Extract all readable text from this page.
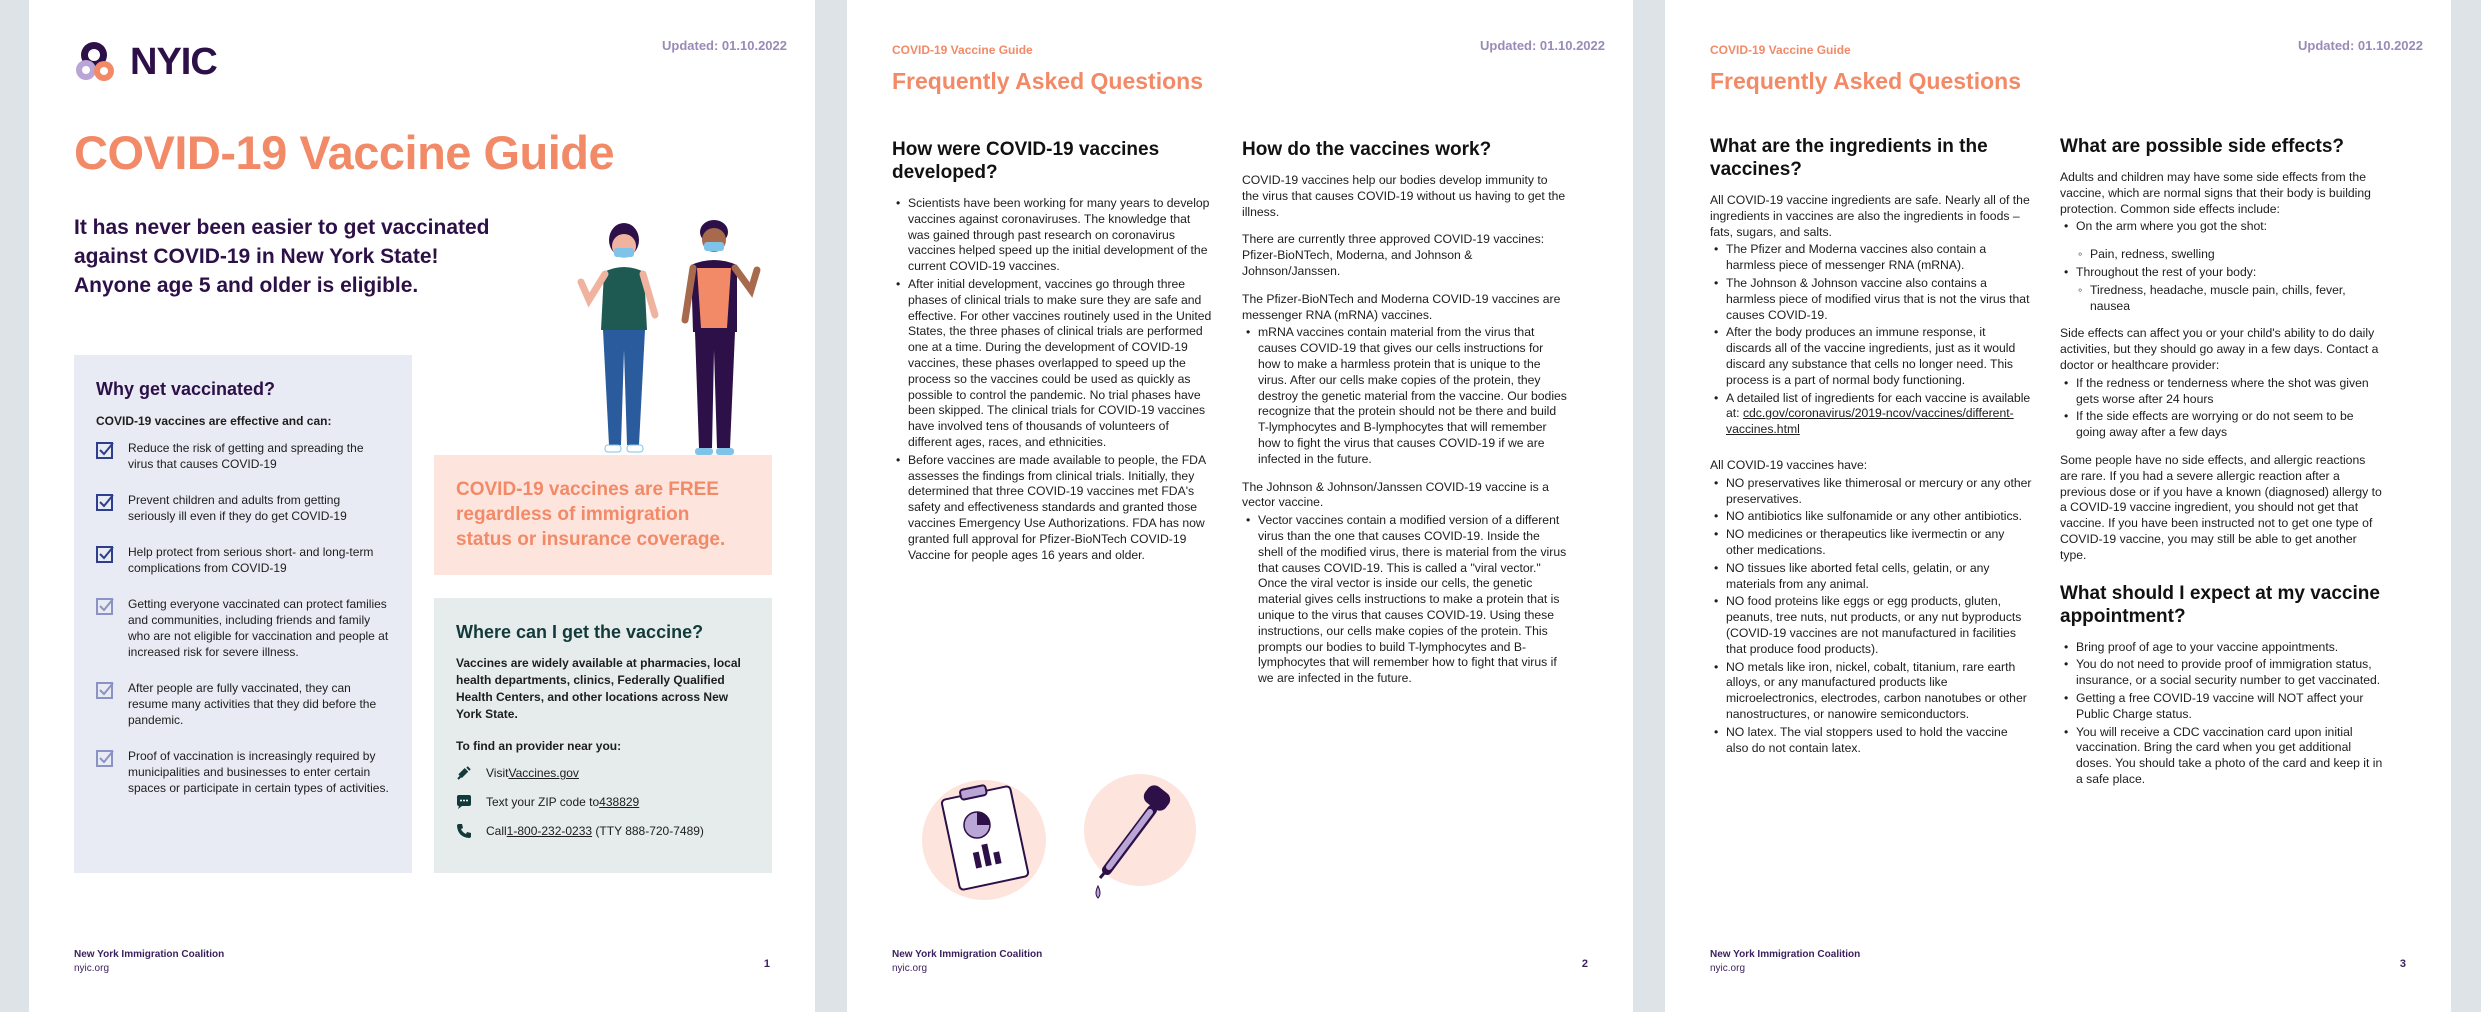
NYIC	Updated: 01.10.2022
COVID-19 Vaccine Guide
It has never been easier to get vaccinated
against COVID-19 in New York State!
Anyone age 5 and older is eligible.
Why get vaccinated?
COVID-19 vaccines are effective and can:
Reduce the risk of getting and spreading the virus that causes COVID-19
Prevent children and adults from getting seriously ill even if they do get COVID-19
Help protect from serious short- and long-term complications from COVID-19
Getting everyone vaccinated can protect families and communities, including friends and family who are not eligible for vaccination and people at increased risk for severe illness.
After people are fully vaccinated, they can resume many activities that they did before the pandemic.
Proof of vaccination is increasingly required by municipalities and businesses to enter certain spaces or participate in certain types of activities.
COVID-19 vaccines are FREE regardless of immigration status or insurance coverage.
Where can I get the vaccine?
Vaccines are widely available at pharmacies, local health departments, clinics, Federally Qualified Health Centers, and other locations across New York State.
To find an provider near you:
Visit Vaccines.gov
Text your ZIP code to 438829
Call 1-800-232-0233 (TTY 888-720-7489)
New York Immigration Coalition
nyic.org	1
COVID-19 Vaccine Guide	Updated: 01.10.2022
Frequently Asked Questions
How were COVID-19 vaccines developed?
• Scientists have been working for many years to develop vaccines against coronaviruses. The knowledge that was gained through past research on coronavirus vaccines helped speed up the initial development of the current COVID-19 vaccines.
• After initial development, vaccines go through three phases of clinical trials to make sure they are safe and effective. For other vaccines routinely used in the United States, the three phases of clinical trials are performed one at a time. During the development of COVID-19 vaccines, these phases overlapped to speed up the process so the vaccines could be used as quickly as possible to control the pandemic. No trial phases have been skipped. The clinical trials for COVID-19 vaccines have involved tens of thousands of volunteers of different ages, races, and ethnicities.
• Before vaccines are made available to people, the FDA assesses the findings from clinical trials. Initially, they determined that three COVID-19 vaccines met FDA's safety and effectiveness standards and granted those vaccines Emergency Use Authorizations. FDA has now granted full approval for Pfizer-BioNTech COVID-19 Vaccine for people ages 16 years and older.
How do the vaccines work?

COVID-19 vaccines help our bodies develop immunity to the virus that causes COVID-19 without us having to get the illness.

There are currently three approved COVID-19 vaccines: Pfizer-BioNTech, Moderna, and Johnson & Johnson/Janssen.

The Pfizer-BioNTech and Moderna COVID-19 vaccines are messenger RNA (mRNA) vaccines.

• mRNA vaccines contain material from the virus that causes COVID-19 that gives our cells instructions for how to make a harmless protein that is unique to the virus. After our cells make copies of the protein, they destroy the genetic material from the vaccine. Our bodies recognize that the protein should not be there and build T-lymphocytes and B-lymphocytes that will remember how to fight the virus that causes COVID-19 if we are infected in the future.

The Johnson & Johnson/Janssen COVID-19 vaccine is a vector vaccine.

• Vector vaccines contain a modified version of a different virus than the one that causes COVID-19. Inside the shell of the modified virus, there is material from the virus that causes COVID-19. This is called a "viral vector." Once the viral vector is inside our cells, the genetic material gives cells instructions to make a protein that is unique to the virus that causes COVID-19. Using these instructions, our cells make copies of the protein. This prompts our bodies to build T-lymphocytes and B-lymphocytes that will remember how to fight that virus if we are infected in the future.
New York Immigration Coalition
nyic.org	2
COVID-19 Vaccine Guide	Updated: 01.10.2022
Frequently Asked Questions
What are the ingredients in the vaccines?

All COVID-19 vaccine ingredients are safe. Nearly all of the ingredients in vaccines are also the ingredients in foods – fats, sugars, and salts.

• The Pfizer and Moderna vaccines also contain a harmless piece of messenger RNA (mRNA).
• The Johnson & Johnson vaccine also contains a harmless piece of modified virus that is not the virus that causes COVID-19.
• After the body produces an immune response, it discards all of the vaccine ingredients, just as it would discard any substance that cells no longer need. This process is a part of normal body functioning.
• A detailed list of ingredients for each vaccine is available at: cdc.gov/coronavirus/2019-ncov/vaccines/different-vaccines.html

All COVID-19 vaccines have:

• NO preservatives like thimerosal or mercury or any other preservatives.
• NO antibiotics like sulfonamide or any other antibiotics.
• NO medicines or therapeutics like ivermectin or any other medications.
• NO tissues like aborted fetal cells, gelatin, or any materials from any animal.
• NO food proteins like eggs or egg products, gluten, peanuts, tree nuts, nut products, or any nut byproducts (COVID-19 vaccines are not manufactured in facilities that produce food products).
• NO metals like iron, nickel, cobalt, titanium, rare earth alloys, or any manufactured products like microelectronics, electrodes, carbon nanotubes or other nanostructures, or nanowire semiconductors.
• NO latex. The vial stoppers used to hold the vaccine also do not contain latex.
What are possible side effects?

Adults and children may have some side effects from the vaccine, which are normal signs that their body is building protection. Common side effects include:

• On the arm where you got the shot:
◦ Pain, redness, swelling
• Throughout the rest of your body:
◦ Tiredness, headache, muscle pain, chills, fever, nausea

Side effects can affect you or your child's ability to do daily activities, but they should go away in a few days. Contact a doctor or healthcare provider:

• If the redness or tenderness where the shot was given gets worse after 24 hours
• If the side effects are worrying or do not seem to be going away after a few days

Some people have no side effects, and allergic reactions are rare. If you had a severe allergic reaction after a previous dose or if you have a known (diagnosed) allergy to a COVID-19 vaccine ingredient, you should not get that vaccine. If you have been instructed not to get one type of COVID-19 vaccine, you may still be able to get another type.

What should I expect at my vaccine appointment?
• Bring proof of age to your vaccine appointments.
• You do not need to provide proof of immigration status, insurance, or a social security number to get vaccinated.
• Getting a free COVID-19 vaccine will NOT affect your Public Charge status.
• You will receive a CDC vaccination card upon initial vaccination. Bring the card when you get additional doses. You should take a photo of the card and keep it in a safe place.
New York Immigration Coalition
nyic.org	3
